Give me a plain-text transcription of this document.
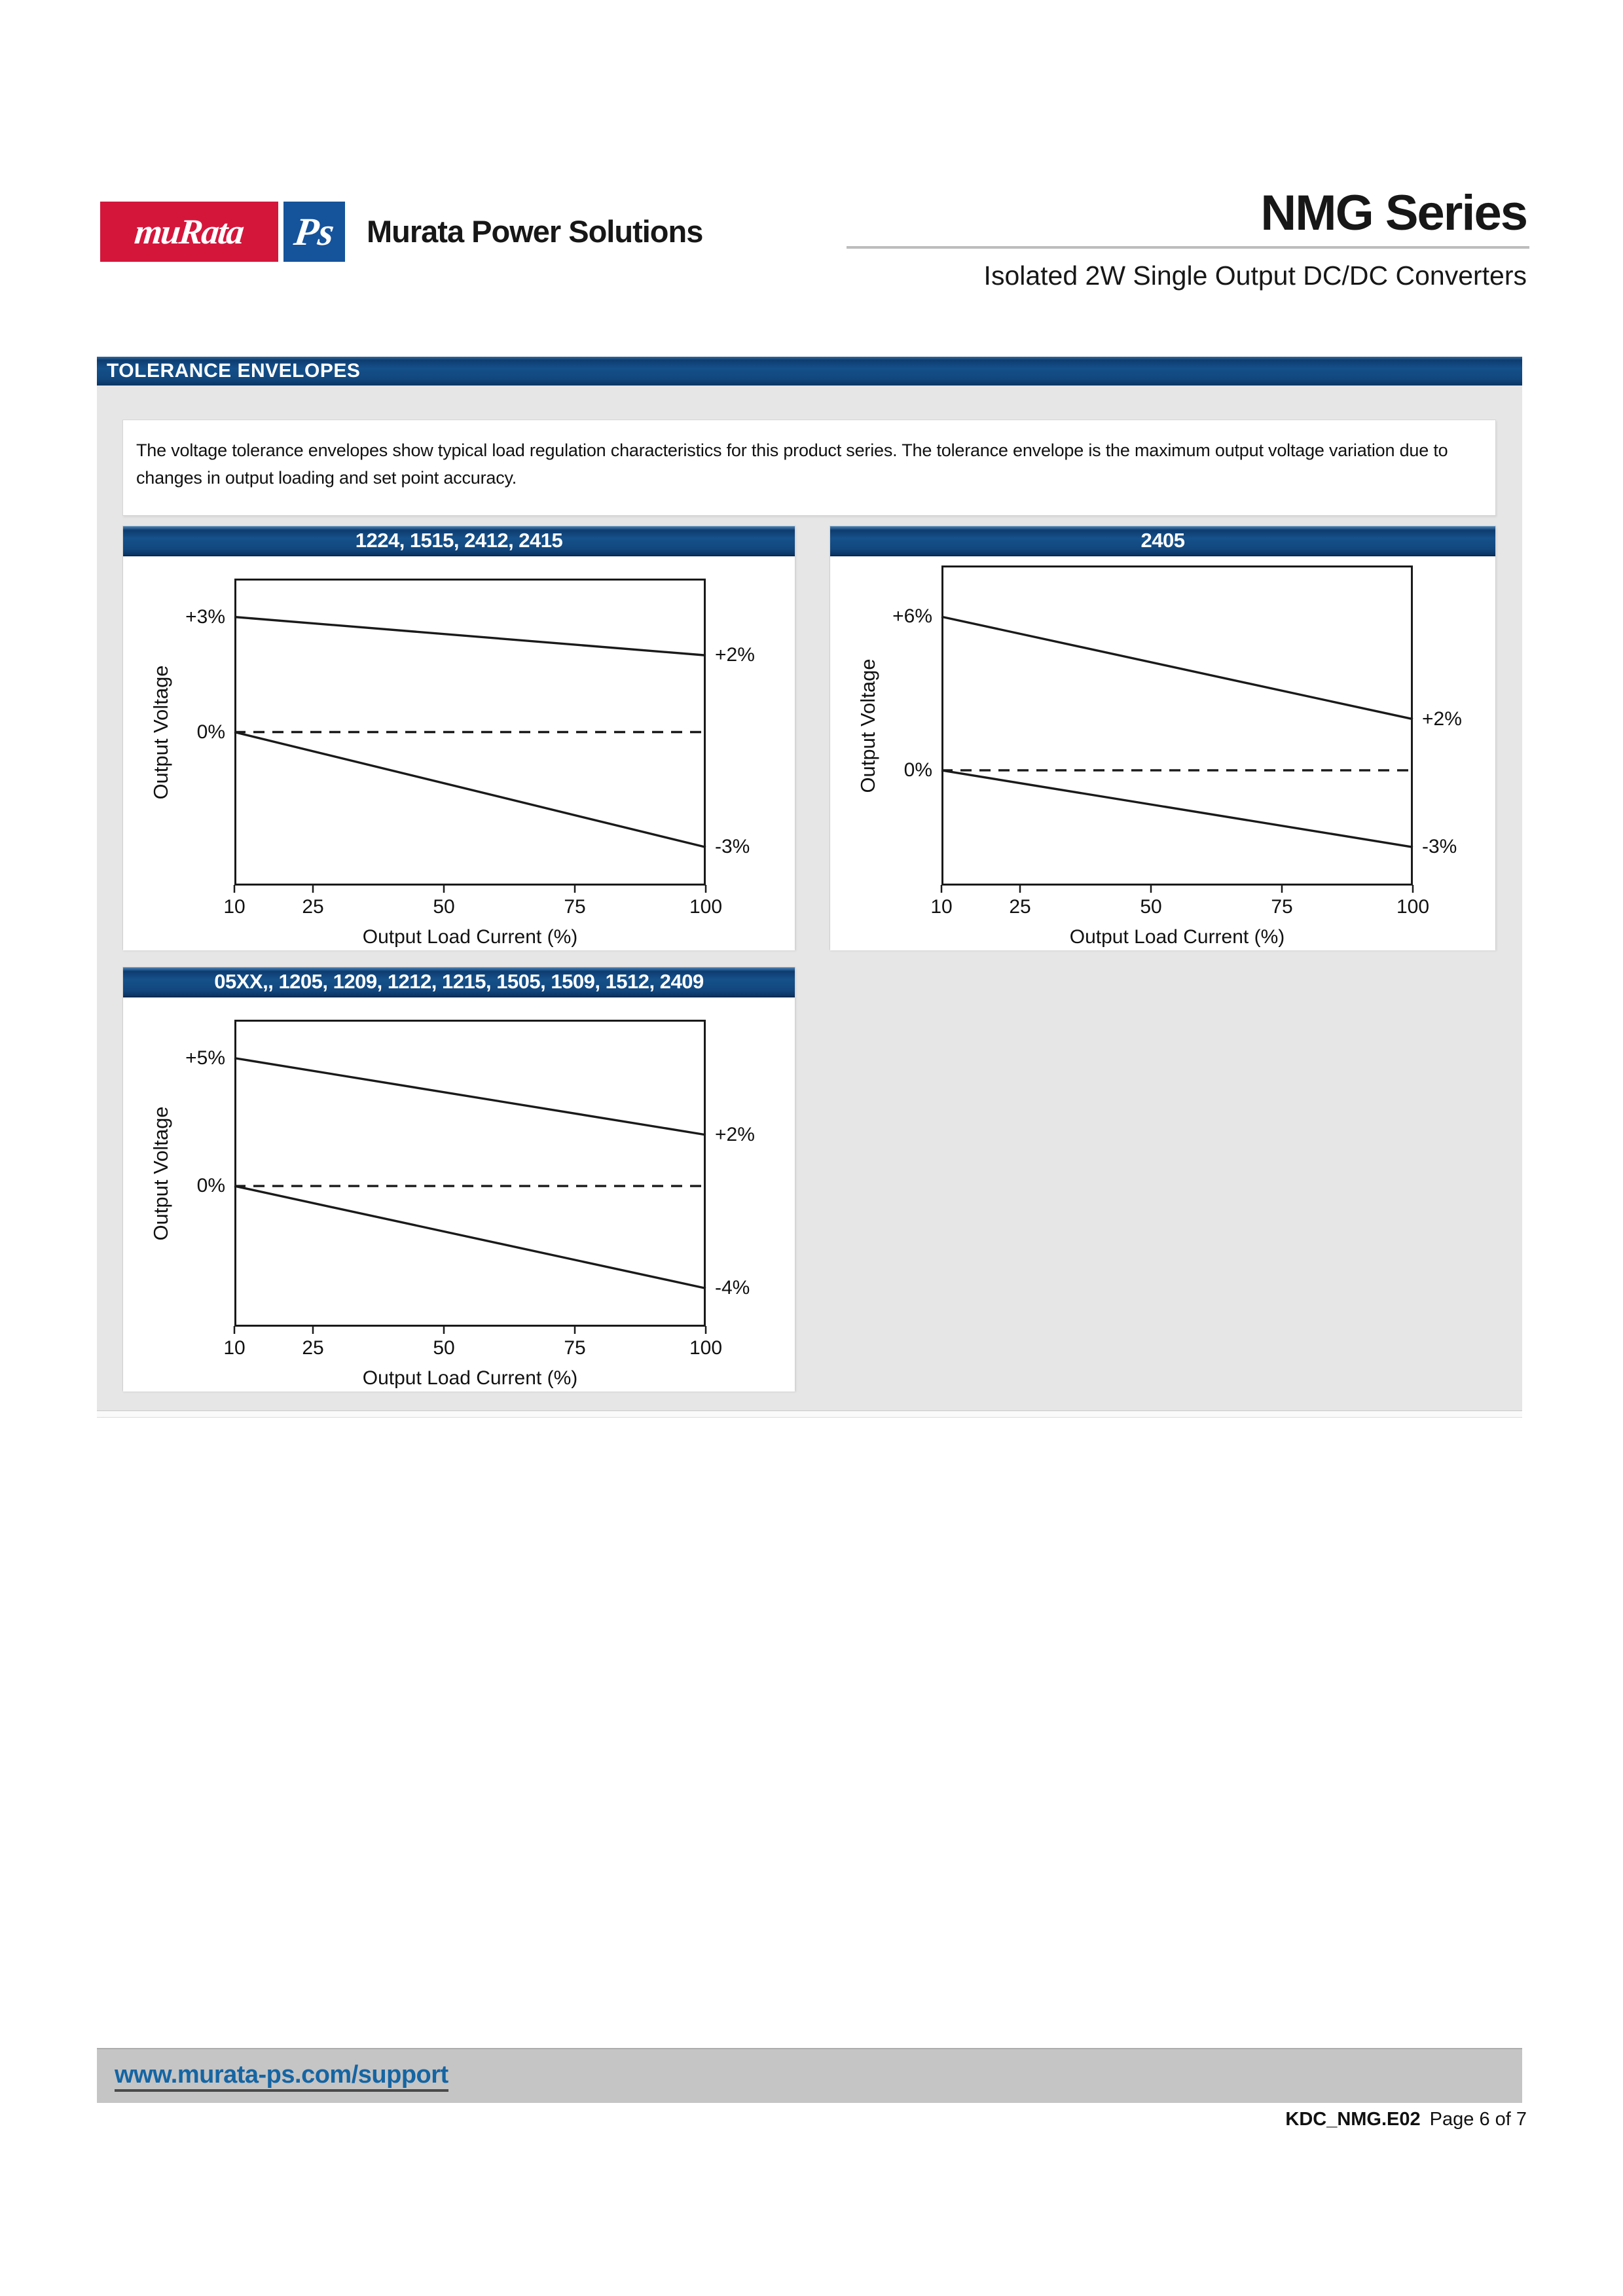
muRata Ps Murata Power Solutions	NMG Series
Isolated 2W Single Output DC/DC Converters
TOLERANCE ENVELOPES

The voltage tolerance envelopes show typical load regulation characteristics for this product series. The tolerance envelope is the maximum output voltage variation due to changes in output loading and set point accuracy.

1224, 1515, 2412, 2415
+3%
+2%
0%
-3%
10	25	50	75	100
Output Load Current (%)
Output Voltage
2405
+6%
+2%
0%
-3%
10	25	50	75	100
Output Load Current (%)
Output Voltage
05XX,, 1205, 1209, 1212, 1215, 1505, 1509, 1512, 2409
+5%
+2%
0%
-4%
10	25	50	75	100
Output Load Current (%)
Output Voltage
www.murata-ps.com/support
KDC_NMG.E02 Page 6 of 7
